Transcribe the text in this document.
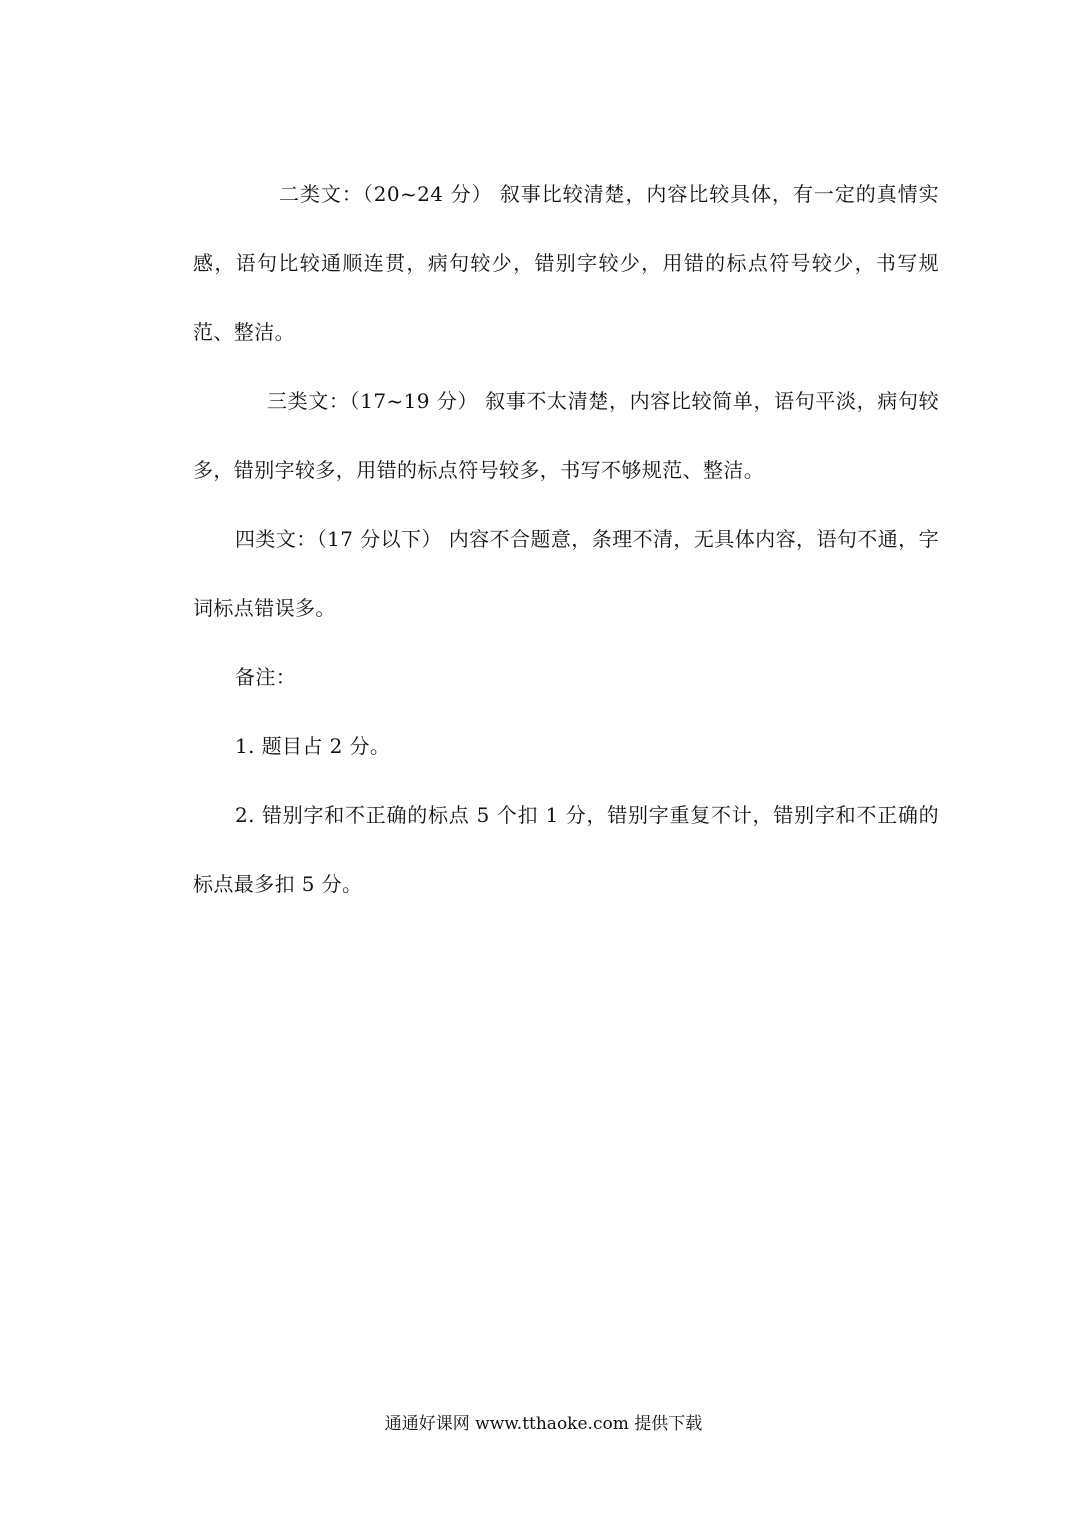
二类文：（20~24 分） 叙事比较清楚，内容比较具体，有一定的真情实感，语句比较通顺连贯，病句较少，错别字较少，用错的标点符号较少，书写规范、整洁。

三类文：（17~19 分） 叙事不太清楚，内容比较简单，语句平淡，病句较多，错别字较多，用错的标点符号较多，书写不够规范、整洁。

四类文：（17 分以下） 内容不合题意，条理不清，无具体内容，语句不通，字词标点错误多。

备注：

1. 题目占 2 分。

2. 错别字和不正确的标点 5 个扣 1 分，错别字重复不计，错别字和不正确的标点最多扣 5 分。

通通好课网 www.tthaoke.com 提供下载
